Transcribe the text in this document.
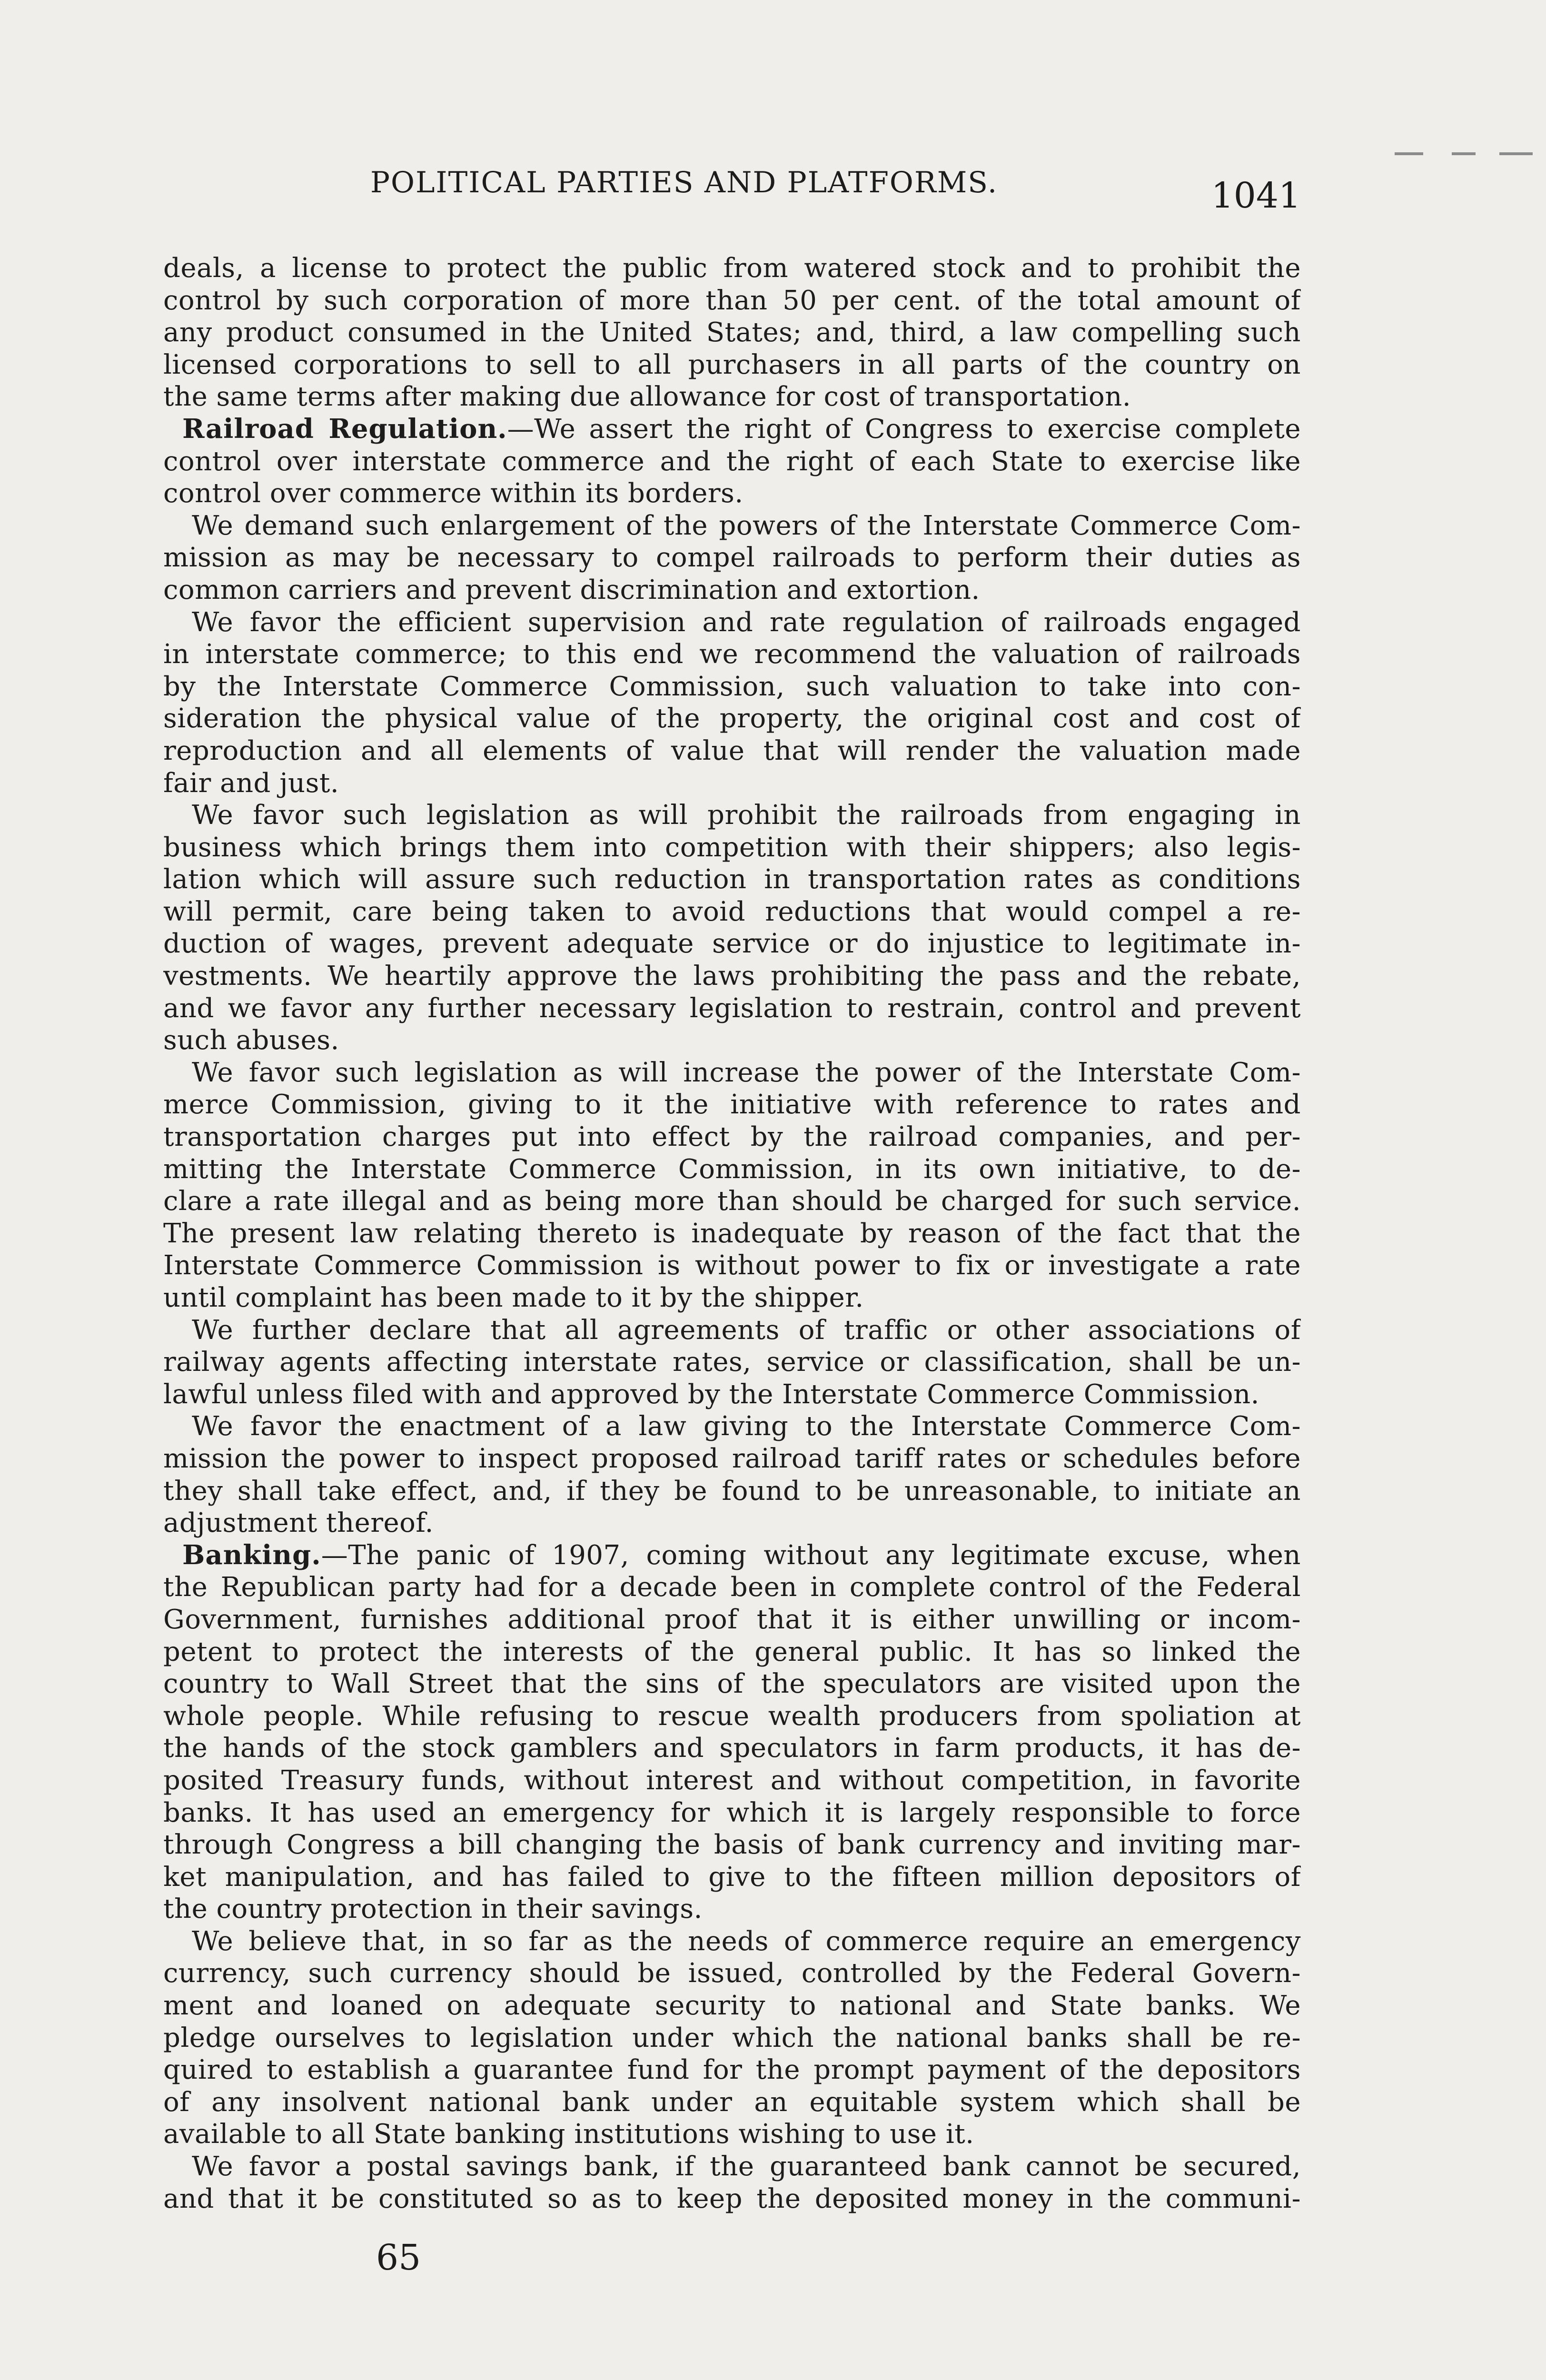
POLITICAL PARTIES AND PLATFORMS.	1041
deals, a license to protect the public from watered stock and to prohibit the
control by such corporation of more than 50 per cent. of the total amount of
any product consumed in the United States; and, third, a law compelling such
licensed corporations to sell to all purchasers in all parts of the country on
the same terms after making due allowance for cost of transportation.
Railroad Regulation.—We assert the right of Congress to exercise complete
control over interstate commerce and the right of each State to exercise like
control over commerce within its borders.
We demand such enlargement of the powers of the Interstate Commerce Com-
mission as may be necessary to compel railroads to perform their duties as
common carriers and prevent discrimination and extortion.
We favor the efficient supervision and rate regulation of railroads engaged
in interstate commerce; to this end we recommend the valuation of railroads
by the Interstate Commerce Commission, such valuation to take into con-
sideration the physical value of the property, the original cost and cost of
reproduction and all elements of value that will render the valuation made
fair and just.
We favor such legislation as will prohibit the railroads from engaging in
business which brings them into competition with their shippers; also legis-
lation which will assure such reduction in transportation rates as conditions
will permit, care being taken to avoid reductions that would compel a re-
duction of wages, prevent adequate service or do injustice to legitimate in-
vestments. We heartily approve the laws prohibiting the pass and the rebate,
and we favor any further necessary legislation to restrain, control and prevent
such abuses.
We favor such legislation as will increase the power of the Interstate Com-
merce Commission, giving to it the initiative with reference to rates and
transportation charges put into effect by the railroad companies, and per-
mitting the Interstate Commerce Commission, in its own initiative, to de-
clare a rate illegal and as being more than should be charged for such service.
The present law relating thereto is inadequate by reason of the fact that the
Interstate Commerce Commission is without power to fix or investigate a rate
until complaint has been made to it by the shipper.
We further declare that all agreements of traffic or other associations of
railway agents affecting interstate rates, service or classification, shall be un-
lawful unless filed with and approved by the Interstate Commerce Commission.
We favor the enactment of a law giving to the Interstate Commerce Com-
mission the power to inspect proposed railroad tariff rates or schedules before
they shall take effect, and, if they be found to be unreasonable, to initiate an
adjustment thereof.
Banking.—The panic of 1907, coming without any legitimate excuse, when
the Republican party had for a decade been in complete control of the Federal
Government, furnishes additional proof that it is either unwilling or incom-
petent to protect the interests of the general public. It has so linked the
country to Wall Street that the sins of the speculators are visited upon the
whole people. While refusing to rescue wealth producers from spoliation at
the hands of the stock gamblers and speculators in farm products, it has de-
posited Treasury funds, without interest and without competition, in favorite
banks. It has used an emergency for which it is largely responsible to force
through Congress a bill changing the basis of bank currency and inviting mar-
ket manipulation, and has failed to give to the fifteen million depositors of
the country protection in their savings.
We believe that, in so far as the needs of commerce require an emergency
currency, such currency should be issued, controlled by the Federal Govern-
ment and loaned on adequate security to national and State banks. We
pledge ourselves to legislation under which the national banks shall be re-
quired to establish a guarantee fund for the prompt payment of the depositors
of any insolvent national bank under an equitable system which shall be
available to all State banking institutions wishing to use it.
We favor a postal savings bank, if the guaranteed bank cannot be secured,
and that it be constituted so as to keep the deposited money in the communi-
65
